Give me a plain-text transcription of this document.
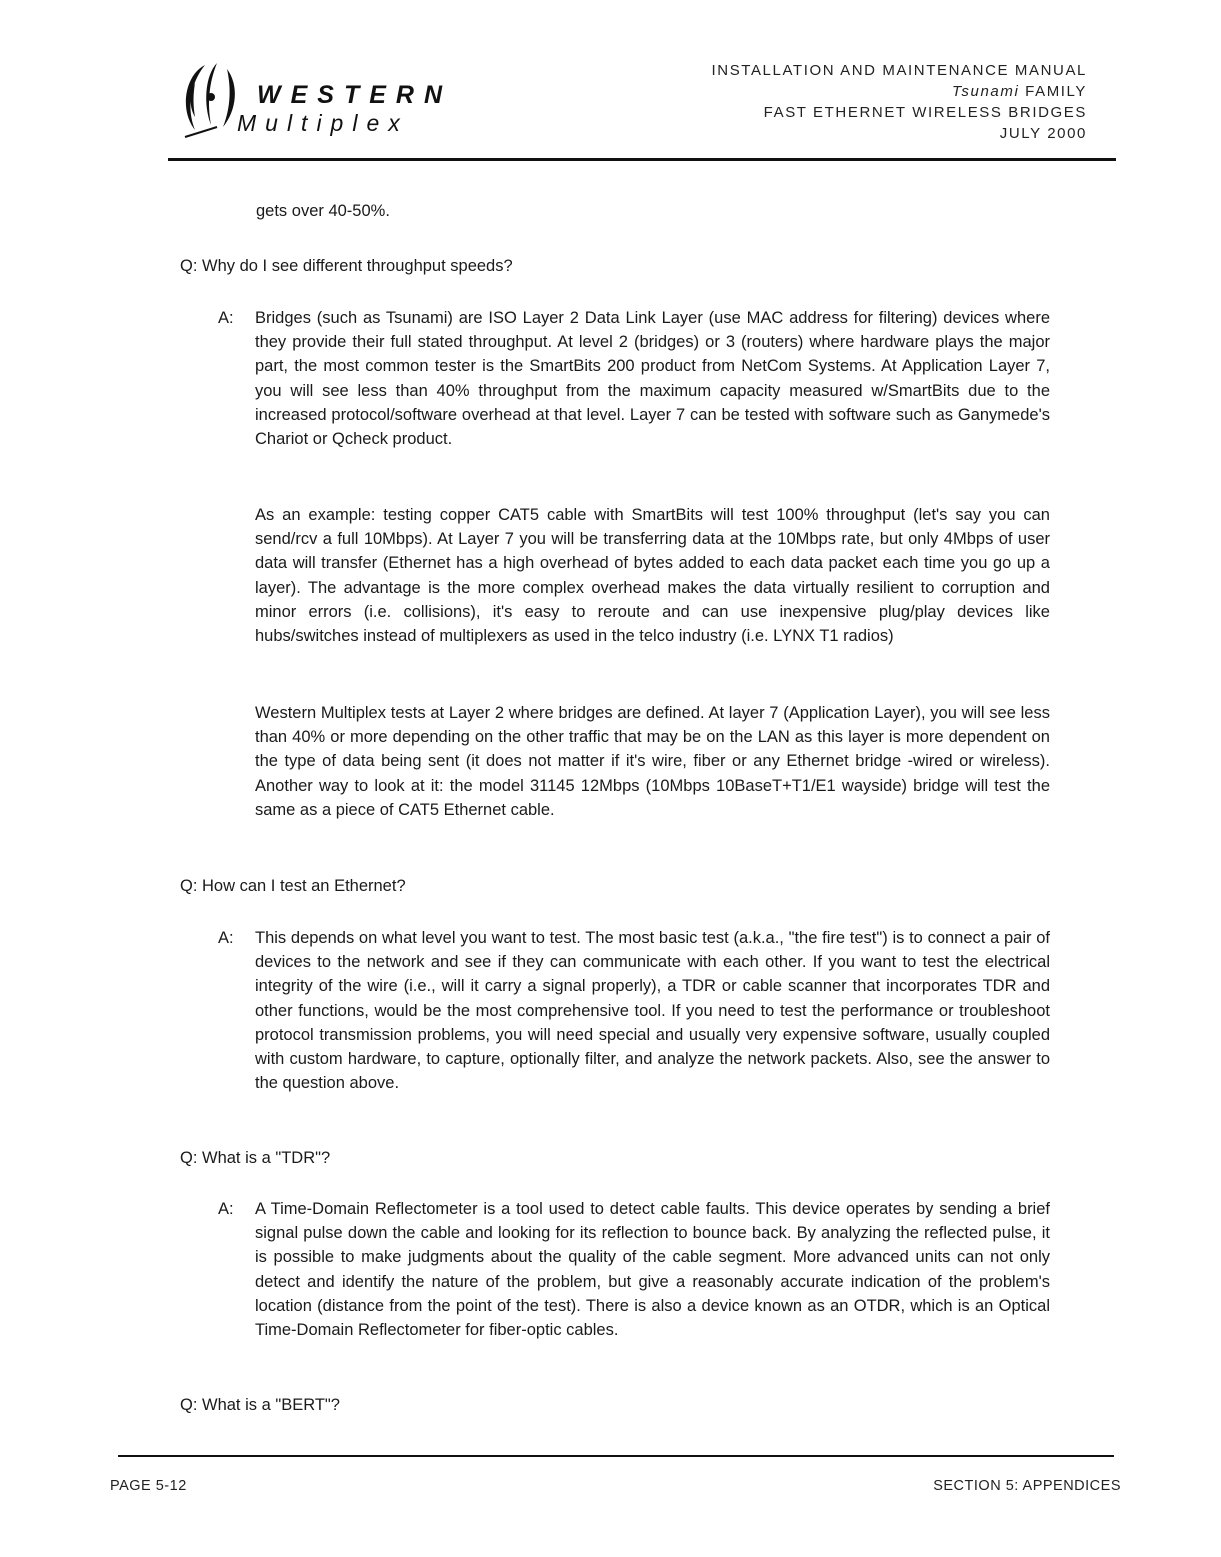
WESTERN
Multiplex
INSTALLATION AND MAINTENANCE MANUAL
Tsunami FAMILY
FAST ETHERNET WIRELESS BRIDGES
JULY 2000
gets over 40-50%.
Q: Why do I see different throughput speeds?
A: Bridges (such as Tsunami) are ISO Layer 2 Data Link Layer (use MAC address for filtering) devices where they provide their full stated throughput. At level 2 (bridges) or 3 (routers) where hardware plays the major part, the most common tester is the SmartBits 200 product from NetCom Systems. At Application Layer 7, you will see less than 40% throughput from the maximum capacity measured w/SmartBits due to the increased protocol/software overhead at that level. Layer 7 can be tested with software such as Ganymede's Chariot or Qcheck product.
As an example: testing copper CAT5 cable with SmartBits will test 100% throughput (let's say you can send/rcv a full 10Mbps). At Layer 7 you will be transferring data at the 10Mbps rate, but only 4Mbps of user data will transfer (Ethernet has a high overhead of bytes added to each data packet each time you go up a layer). The advantage is the more complex overhead makes the data virtually resilient to corruption and minor errors (i.e. collisions), it's easy to reroute and can use inexpensive plug/play devices like hubs/switches instead of multiplexers as used in the telco industry (i.e. LYNX T1 radios)
Western Multiplex tests at Layer 2 where bridges are defined. At layer 7 (Application Layer), you will see less than 40% or more depending on the other traffic that may be on the LAN as this layer is more dependent on the type of data being sent (it does not matter if it's wire, fiber or any Ethernet bridge -wired or wireless). Another way to look at it: the model 31145 12Mbps (10Mbps 10BaseT+T1/E1 wayside) bridge will test the same as a piece of CAT5 Ethernet cable.
Q: How can I test an Ethernet?
A: This depends on what level you want to test. The most basic test (a.k.a., "the fire test") is to connect a pair of devices to the network and see if they can communicate with each other. If you want to test the electrical integrity of the wire (i.e., will it carry a signal properly), a TDR or cable scanner that incorporates TDR and other functions, would be the most comprehensive tool. If you need to test the performance or troubleshoot protocol transmission problems, you will need special and usually very expensive software, usually coupled with custom hardware, to capture, optionally filter, and analyze the network packets. Also, see the answer to the question above.
Q: What is a "TDR"?
A: A Time-Domain Reflectometer is a tool used to detect cable faults. This device operates by sending a brief signal pulse down the cable and looking for its reflection to bounce back. By analyzing the reflected pulse, it is possible to make judgments about the quality of the cable segment. More advanced units can not only detect and identify the nature of the problem, but give a reasonably accurate indication of the problem's location (distance from the point of the test). There is also a device known as an OTDR, which is an Optical Time-Domain Reflectometer for fiber-optic cables.
Q: What is a "BERT"?
PAGE 5-12	SECTION 5: APPENDICES
